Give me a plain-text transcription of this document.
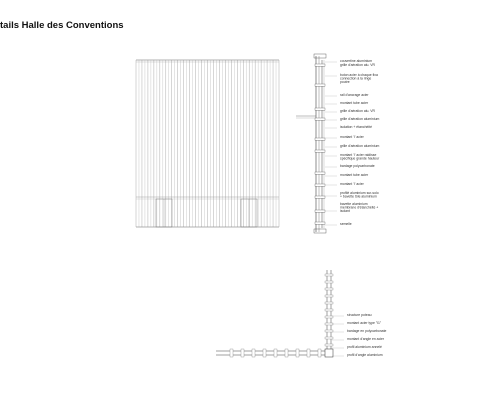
tails Halle des Conventions
couvertine aluminium
grille d'aération alu. VR
buton acier à chaque fixa
connection à la ringe
poutre
rail d'ancrage acier
montant tube acier
grille d'aération alu. VR
grille d'aération aluminium
isolation + étanchéité
montant 'I' acier
grille d'aération aluminium
montant 'I' acier raidisse
spécifique grande hauteur
bardage polycarbonate
montant tube acier
montant 'I' acier
profilé aluminium sur-solo
+ bavette tôle aluminium
bavette aluminium
membrane d'étanchéité +
isolant
semelle
structure poteau
montant acier type "I1"
bardage en polycarbonate
montant d'angle en acier
profil aluminium annelé
profil d'angle aluminium
